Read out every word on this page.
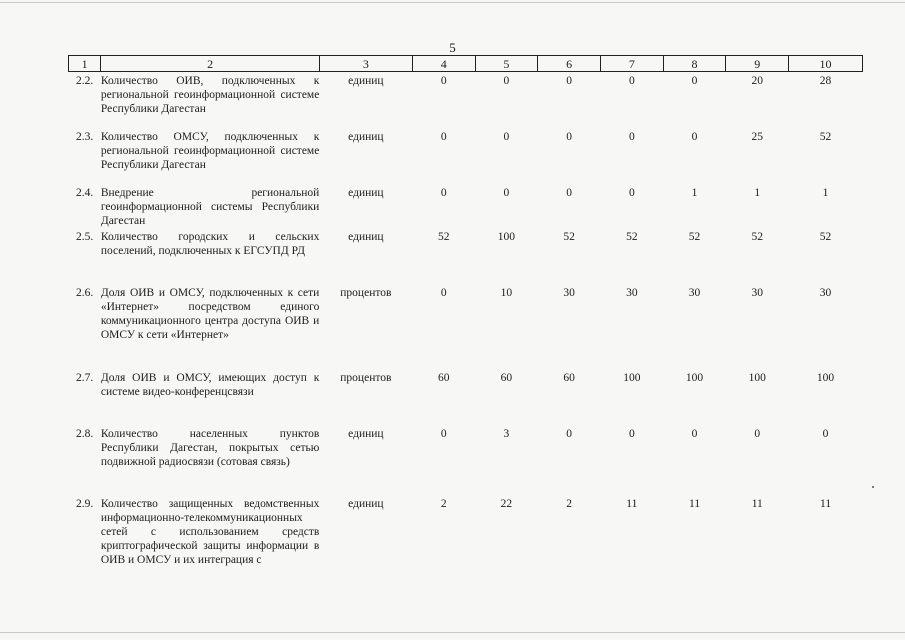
5
1	2	3	4	5	6	7	8	9	10
2.2.	Количество ОИВ, подключенных к региональной геоинформационной системе Республики Дагестан	единиц	0	0	0	0	0	20	28
2.3.	Количество ОМСУ, подключенных к региональной геоинформационной системе Республики Дагестан	единиц	0	0	0	0	0	25	52
2.4.	Внедрение региональной геоинформационной системы Республики Дагестан	единиц	0	0	0	0	1	1	1
2.5.	Количество городских и сельских поселений, подключенных к ЕГСУПД РД	единиц	52	100	52	52	52	52	52
2.6.	Доля ОИВ и ОМСУ, подключенных к сети «Интернет» посредством единого коммуникационного центра доступа ОИВ и ОМСУ к сети «Интернет»	процентов	0	10	30	30	30	30	30
2.7.	Доля ОИВ и ОМСУ, имеющих доступ к системе видео-конференцсвязи	процентов	60	60	60	100	100	100	100
2.8.	Количество населенных пунктов Республики Дагестан, покрытых сетью подвижной радиосвязи (сотовая связь)	единиц	0	3	0	0	0	0	0
2.9.	Количество защищенных ведомственных информационно-телекоммуникационных сетей с использованием средств криптографической защиты информации в ОИВ и ОМСУ и их интеграция с	единиц	2	22	2	11	11	11	11
